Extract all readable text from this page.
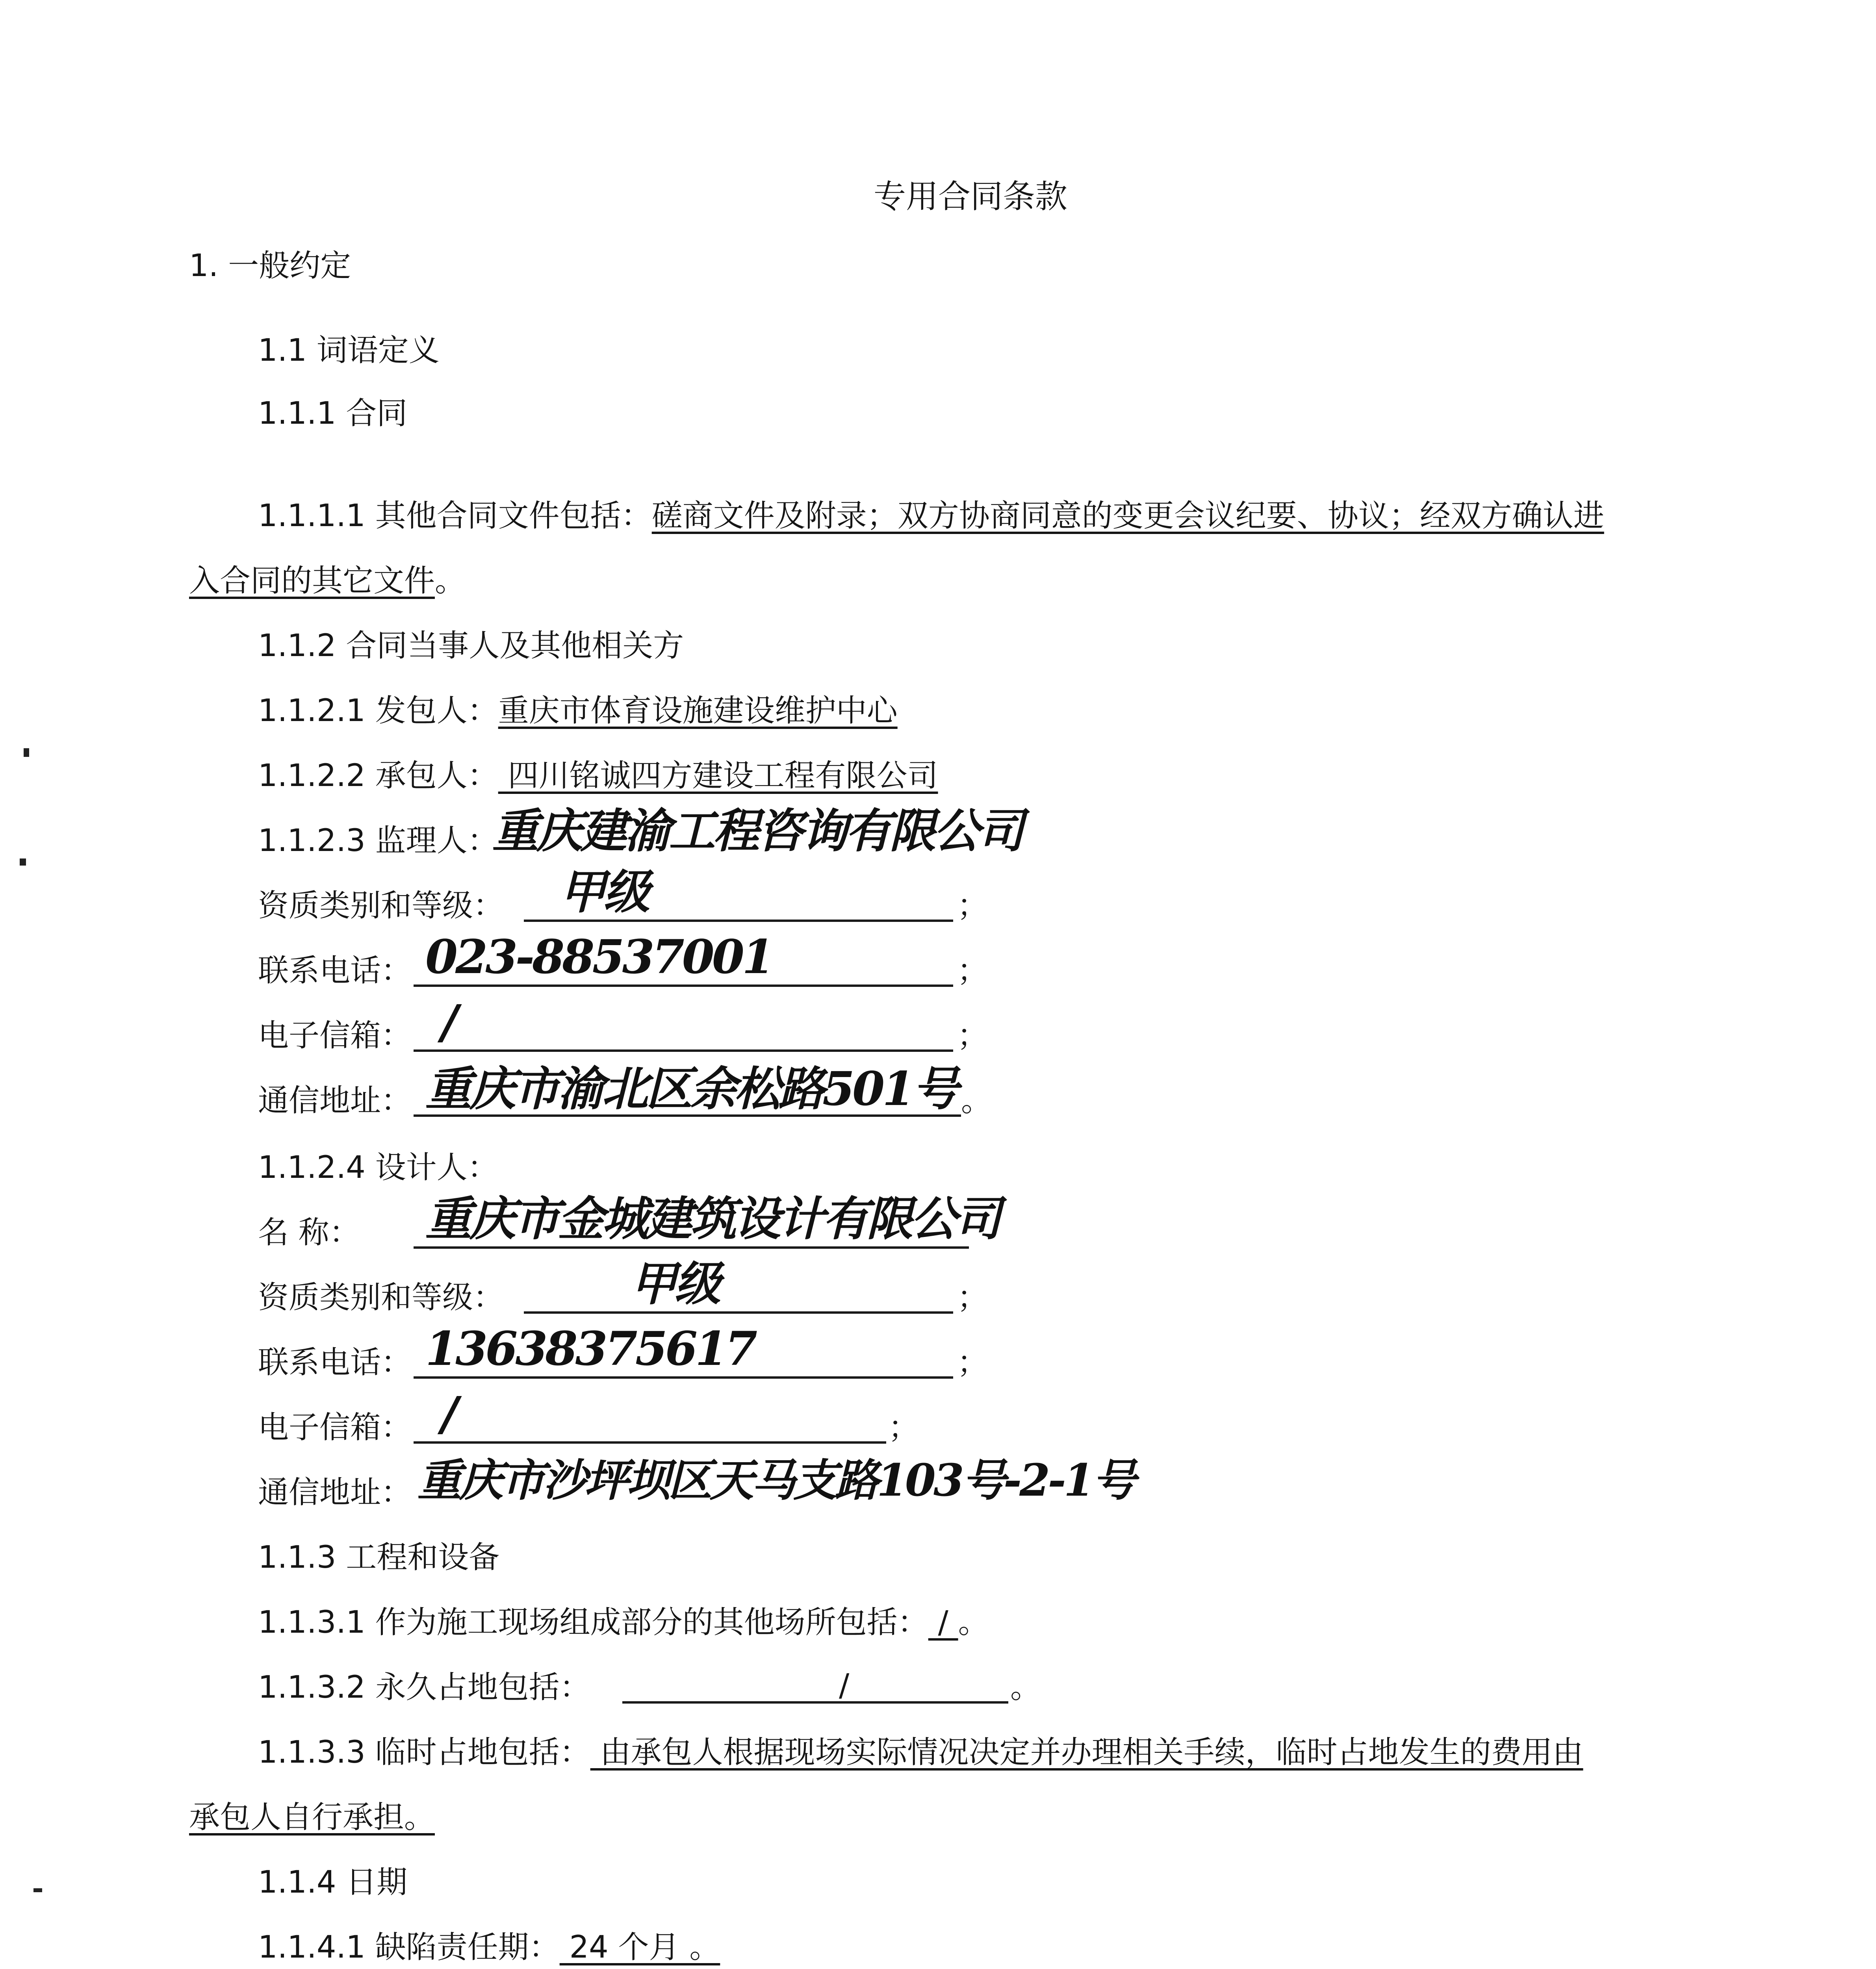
专用合同条款
1. 一般约定
1.1 词语定义
1.1.1 合同
1.1.1.1 其他合同文件包括：磋商文件及附录；双方协商同意的变更会议纪要、协议；经双方确认进
入合同的其它文件。
1.1.2 合同当事人及其他相关方
1.1.2.1 发包人：重庆市体育设施建设维护中心
1.1.2.2 承包人： 四川铭诚四方建设工程有限公司
1.1.2.3 监理人：
重庆建渝工程咨询有限公司
资质类别和等级： 甲级	；
联系电话： 023-88537001	；
电子信箱： /	；
通信地址： 重庆市渝北区余松路501号 。
1.1.2.4 设计人：
名 称： 重庆市金城建筑设计有限公司
资质类别和等级：	甲级	；
联系电话： 13638375617	；
电子信箱： /	；
通信地址： 重庆市沙坪坝区天马支路103号-2-1号
1.1.3 工程和设备
1.1.3.1 作为施工现场组成部分的其他场所包括： / 。
1.1.3.2 永久占地包括：	/	。
1.1.3.3 临时占地包括： 由承包人根据现场实际情况决定并办理相关手续，临时占地发生的费用由
承包人自行承担。
1.1.4 日期
1.1.4.1 缺陷责任期： 24 个月 。
